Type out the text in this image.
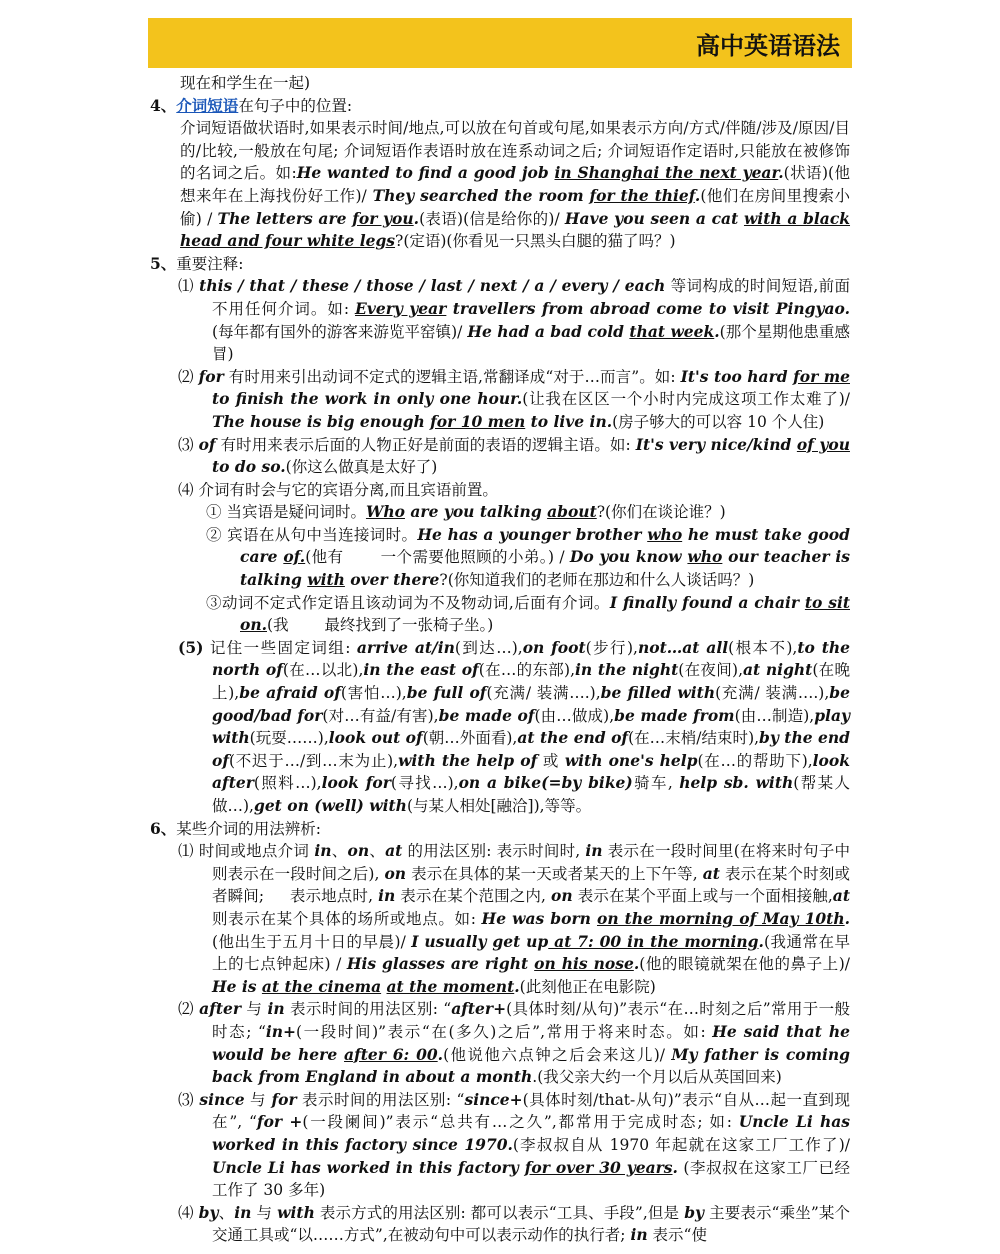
高中英语语法

现在和学生在一起)

4、介词短语在句子中的位置:

介词短语做状语时,如果表示时间/地点,可以放在句首或句尾,如果表示方向/方式/伴随/涉及/原因/目的/比较,一般放在句尾; 介词短语作表语时放在连系动词之后; 介词短语作定语时,只能放在被修饰的名词之后。如:He wanted to find a good job in Shanghai the next year.(状语)(他想来年在上海找份好工作)/ They searched the room for the thief.(他们在房间里搜索小偷) / The letters are for you.(表语)(信是给你的)/ Have you seen a cat with a black head and four white legs?(定语)(你看见一只黑头白腿的猫了吗？)

5、重要注释:

⑴ this / that / these / those / last / next / a / every / each 等词构成的时间短语,前面不用任何介词。如: Every year travellers from abroad come to visit Pingyao.(每年都有国外的游客来游览平窑镇)/ He had a bad cold that week.(那个星期他患重感冒)

⑵ for 有时用来引出动词不定式的逻辑主语,常翻译成“对于…而言”。如: It's too hard for me to finish the work in only one hour.(让我在区区一个小时内完成这项工作太难了)/ The house is big enough for 10 men to live in.(房子够大的可以容 10 个人住)

⑶ of 有时用来表示后面的人物正好是前面的表语的逻辑主语。如: It's very nice/kind of you to do so.(你这么做真是太好了)

⑷ 介词有时会与它的宾语分离,而且宾语前置。

① 当宾语是疑问词时。Who are you talking about?(你们在谈论谁？)

② 宾语在从句中当连接词时。He has a younger brother who he must take good care of.(他有 　　一个需要他照顾的小弟。) / Do you know who our teacher is talking with over there?(你知道我们的老师在那边和什么人谈话吗？)

③动词不定式作定语且该动词为不及物动词,后面有介词。I finally found a chair to sit on.(我 　　最终找到了一张椅子坐。)

(5) 记住一些固定词组: arrive at/in(到达…),on foot(步行),not…at all(根本不),to the north of(在…以北),in the east of(在…的东部),in the night(在夜间),at night(在晚上),be afraid of(害怕…),be full of(充满/ 装满….),be filled with(充满/ 装满….),be good/bad for(对…有益/有害),be made of(由…做成),be made from(由…制造),play with(玩耍……),look out of(朝…外面看),at the end of(在…末梢/结束时),by the end of(不迟于…/到…末为止),with the help of 或 with one's help(在…的帮助下),look after(照料…),look for(寻找…),on a bike(=by bike)骑车, help sb. with(帮某人做…),get on (well) with(与某人相处[融洽]),等等。

6、某些介词的用法辨析:

⑴ 时间或地点介词 in、on、at 的用法区别: 表示时间时, in 表示在一段时间里(在将来时句子中则表示在一段时间之后), on 表示在具体的某一天或者某天的上下午等, at 表示在某个时刻或者瞬间; 　 表示地点时, in 表示在某个范围之内, on 表示在某个平面上或与一个面相接触,at 则表示在某个具体的场所或地点。如: He was born on the morning of May 10th.(他出生于五月十日的早晨)/ I usually get up at 7: 00 in the morning.(我通常在早上的七点钟起床) / His glasses are right on his nose.(他的眼镜就架在他的鼻子上)/ He is at the cinema at the moment.(此刻他正在电影院)

⑵ after 与 in 表示时间的用法区别: “after+(具体时刻/从句)”表示“在…时刻之后”常用于一般时态; “in+(一段时间)”表示“在(多久)之后”,常用于将来时态。如: He said that he would be here after 6: 00.(他说他六点钟之后会来这儿)/ My father is coming back from England in about a month.(我父亲大约一个月以后从英国回来)

⑶ since 与 for 表示时间的用法区别: “since+(具体时刻/that-从句)”表示“自从…起一直到现在”, “for +(一段阑间)”表示“总共有…之久”,都常用于完成时态; 如: Uncle Li has worked in this factory since 1970.(李叔叔自从 1970 年起就在这家工厂工作了)/ Uncle Li has worked in this factory for over 30 years. (李叔叔在这家工厂已经工作了 30 多年)

⑷ by、in 与 with 表示方式的用法区别: 都可以表示“工具、手段”,但是 by 主要表示“乘坐”某个交通工具或“以……方式”,在被动句中可以表示动作的执行者; in 表示“使
